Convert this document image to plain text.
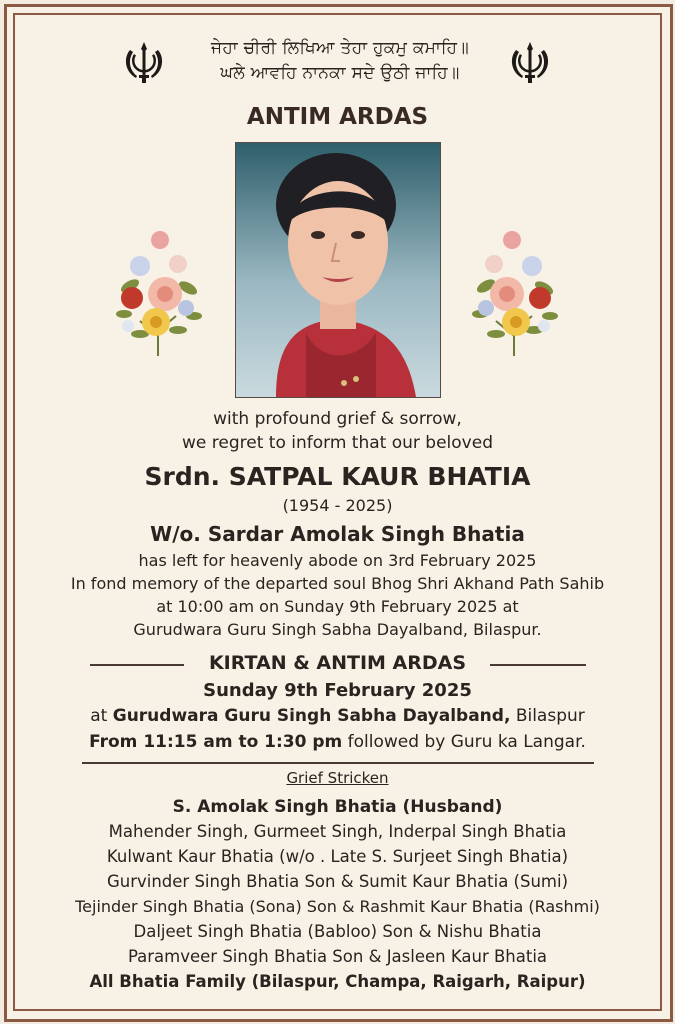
ਜੇਹਾ ਚੀਰੀ ਲਿਖਿਆ ਤੇਹਾ ਹੁਕਮੁ ਕਮਾਹਿ॥
ਘਲੇ ਆਵਹਿ ਨਾਨਕਾ ਸਦੇ ਉਠੀ ਜਾਹਿ॥
ANTIM ARDAS
with profound grief & sorrow,
we regret to inform that our beloved
Srdn. SATPAL KAUR BHATIA
(1954 - 2025)
W/o. Sardar Amolak Singh Bhatia
has left for heavenly abode on 3rd February 2025
In fond memory of the departed soul Bhog Shri Akhand Path Sahib
at 10:00 am on Sunday 9th February 2025 at
Gurudwara Guru Singh Sabha Dayalband, Bilaspur.
KIRTAN & ANTIM ARDAS
Sunday 9th February 2025
at Gurudwara Guru Singh Sabha Dayalband, Bilaspur
From 11:15 am to 1:30 pm followed by Guru ka Langar.
Grief Stricken
S. Amolak Singh Bhatia (Husband)
Mahender Singh, Gurmeet Singh, Inderpal Singh Bhatia
Kulwant Kaur Bhatia (w/o . Late S. Surjeet Singh Bhatia)
Gurvinder Singh Bhatia Son & Sumit Kaur Bhatia (Sumi)
Tejinder Singh Bhatia (Sona) Son & Rashmit Kaur Bhatia (Rashmi)
Daljeet Singh Bhatia (Babloo) Son & Nishu Bhatia
Paramveer Singh Bhatia Son & Jasleen Kaur Bhatia
All Bhatia Family (Bilaspur, Champa, Raigarh, Raipur)
